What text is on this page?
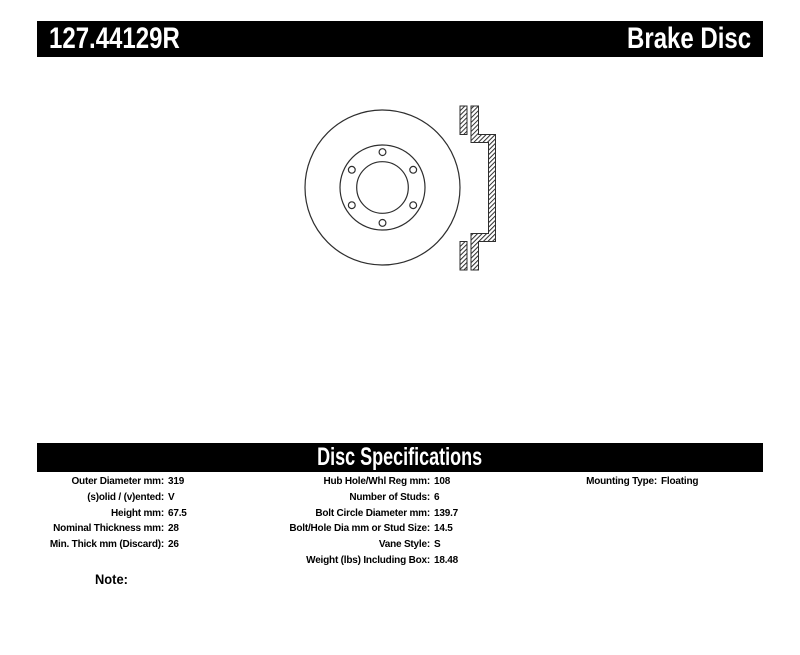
127.44129R	Brake Disc
Disc Specifications
Outer Diameter mm: 319
(s)olid / (v)ented: V
Height mm: 67.5
Nominal Thickness mm: 28
Min. Thick mm (Discard): 26
Hub Hole/Whl Reg mm: 108
Number of Studs: 6
Bolt Circle Diameter mm: 139.7
Bolt/Hole Dia mm or Stud Size: 14.5
Vane Style: S
Weight (lbs) Including Box: 18.48
Mounting Type: Floating
Note:
